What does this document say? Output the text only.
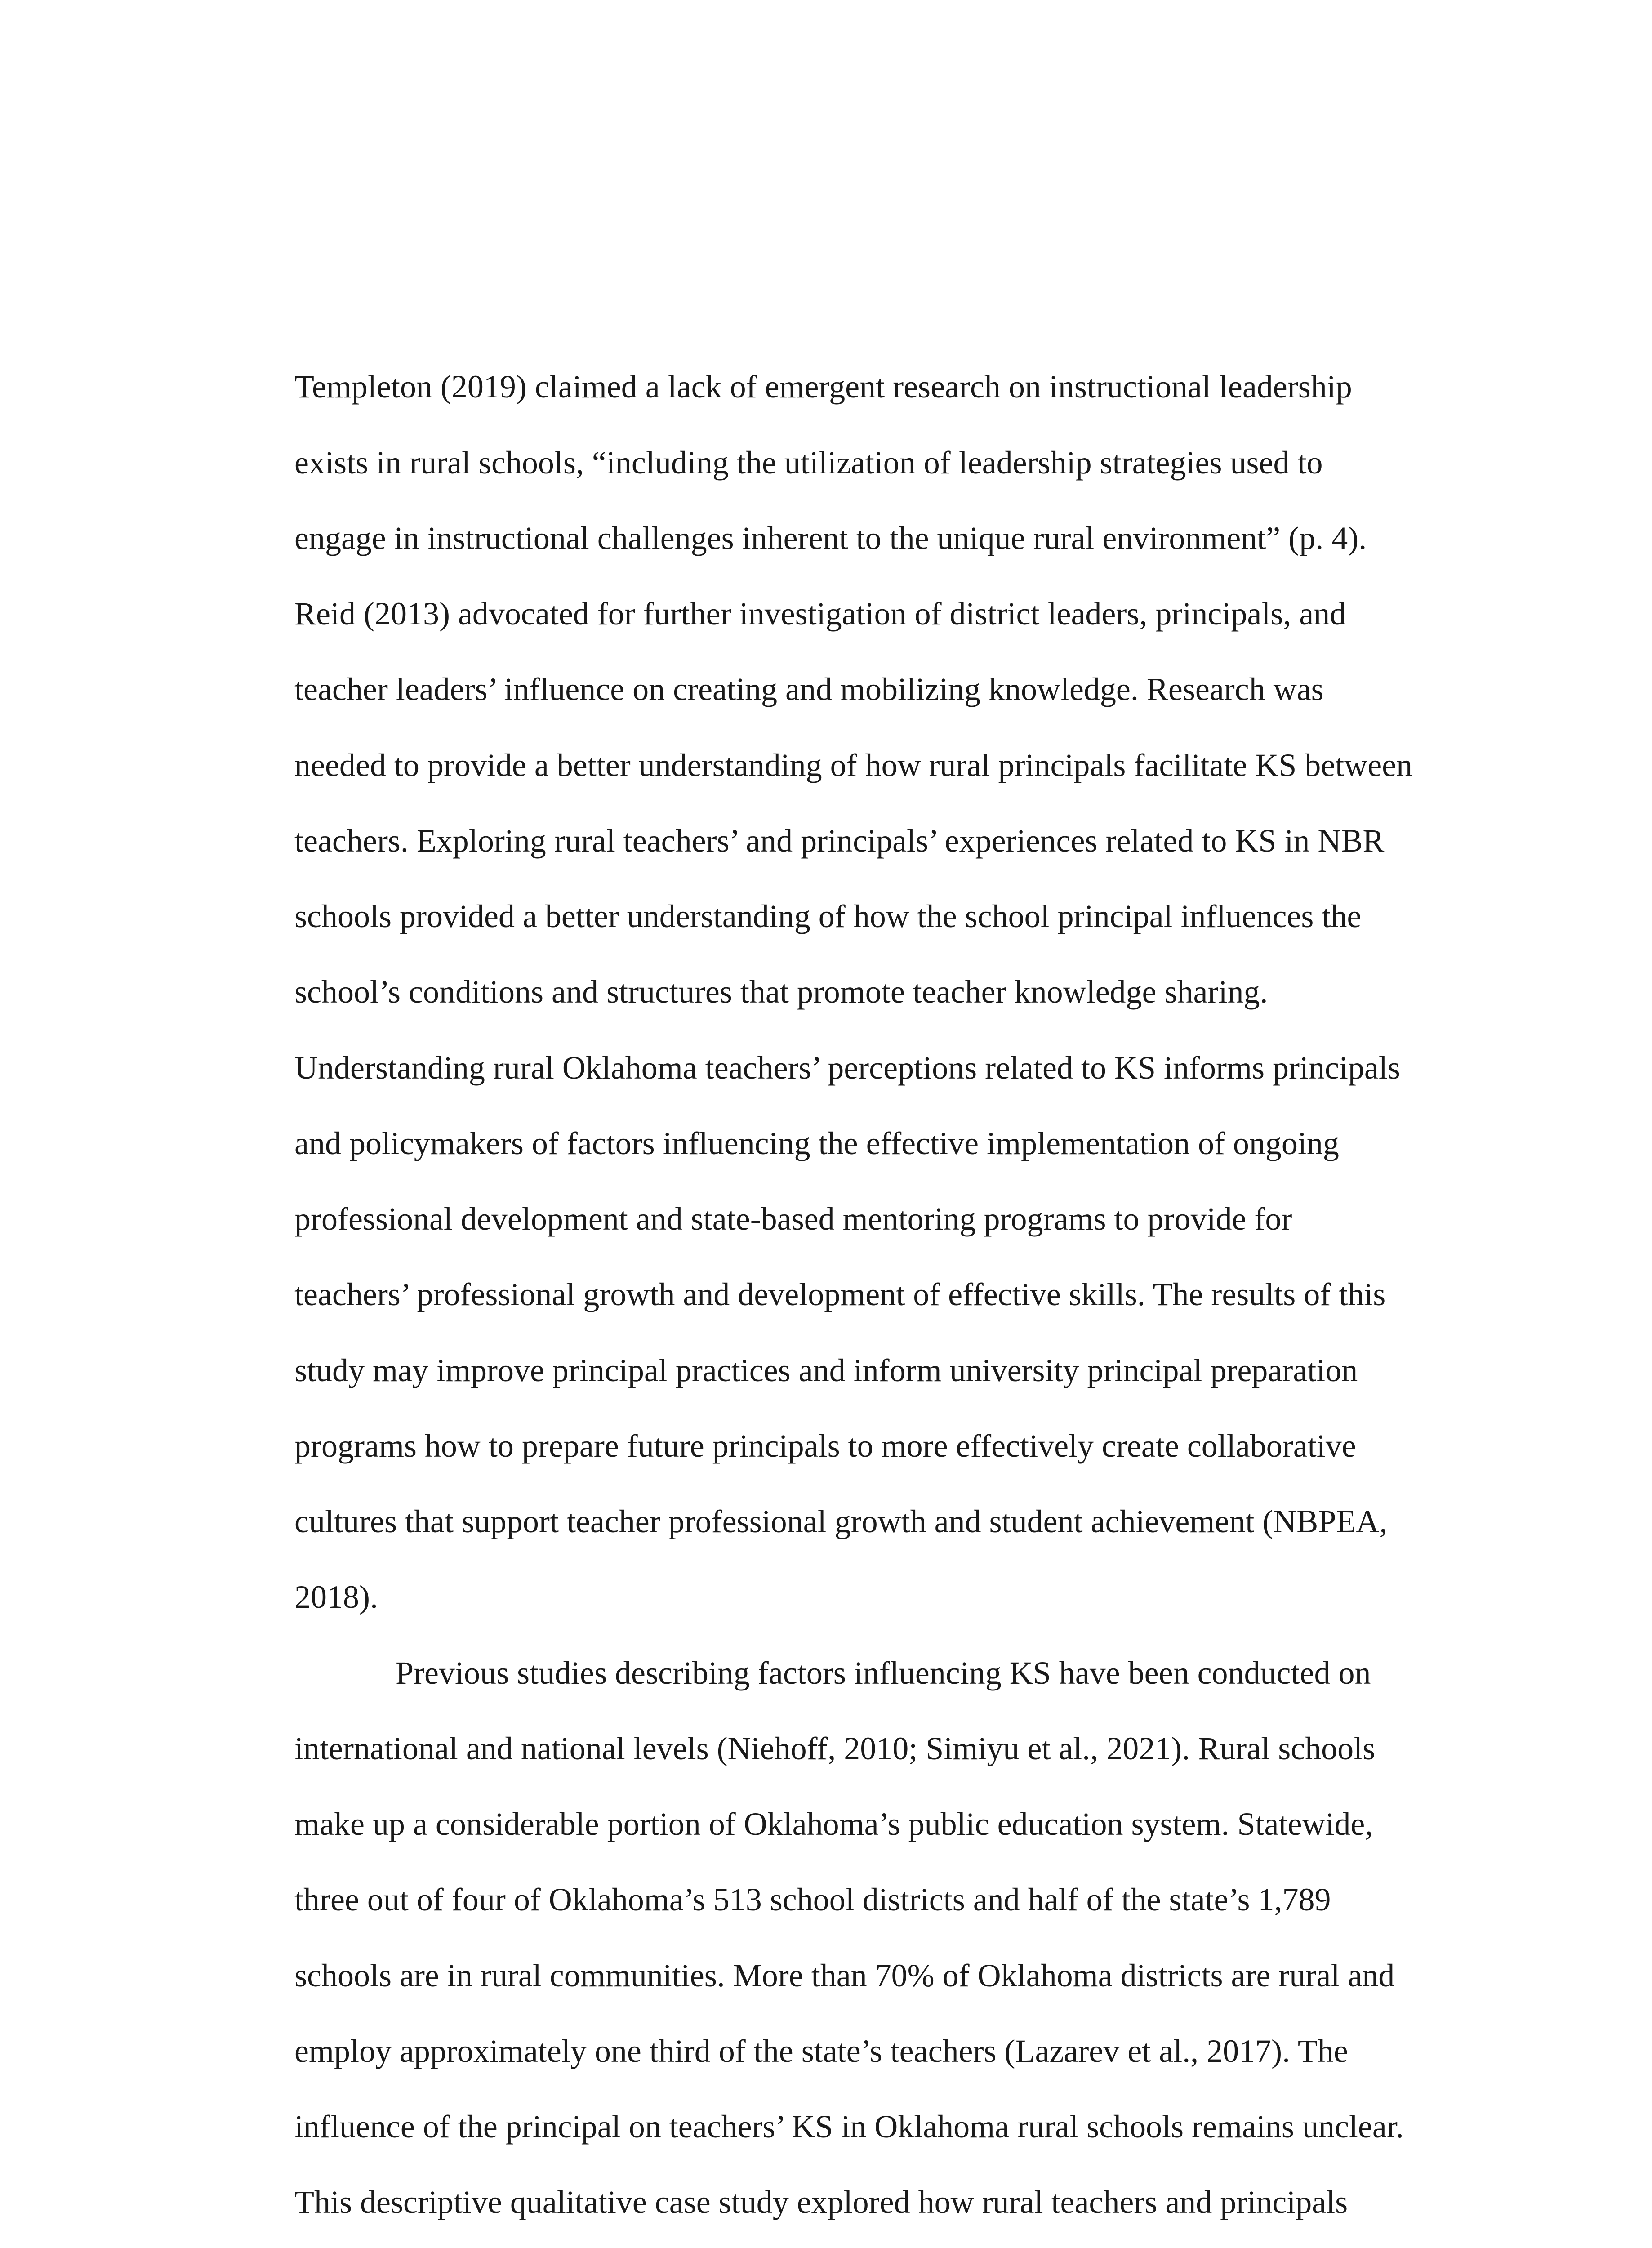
Templeton (2019) claimed a lack of emergent research on instructional leadership
exists in rural schools, “including the utilization of leadership strategies used to
engage in instructional challenges inherent to the unique rural environment” (p. 4).
Reid (2013) advocated for further investigation of district leaders, principals, and
teacher leaders’ influence on creating and mobilizing knowledge. Research was
needed to provide a better understanding of how rural principals facilitate KS between
teachers. Exploring rural teachers’ and principals’ experiences related to KS in NBR
schools provided a better understanding of how the school principal influences the
school’s conditions and structures that promote teacher knowledge sharing.
Understanding rural Oklahoma teachers’ perceptions related to KS informs principals
and policymakers of factors influencing the effective implementation of ongoing
professional development and state-based mentoring programs to provide for
teachers’ professional growth and development of effective skills. The results of this
study may improve principal practices and inform university principal preparation
programs how to prepare future principals to more effectively create collaborative
cultures that support teacher professional growth and student achievement (NBPEA,
2018).
Previous studies describing factors influencing KS have been conducted on
international and national levels (Niehoff, 2010; Simiyu et al., 2021). Rural schools
make up a considerable portion of Oklahoma’s public education system. Statewide,
three out of four of Oklahoma’s 513 school districts and half of the state’s 1,789
schools are in rural communities. More than 70% of Oklahoma districts are rural and
employ approximately one third of the state’s teachers (Lazarev et al., 2017). The
influence of the principal on teachers’ KS in Oklahoma rural schools remains unclear.
This descriptive qualitative case study explored how rural teachers and principals
